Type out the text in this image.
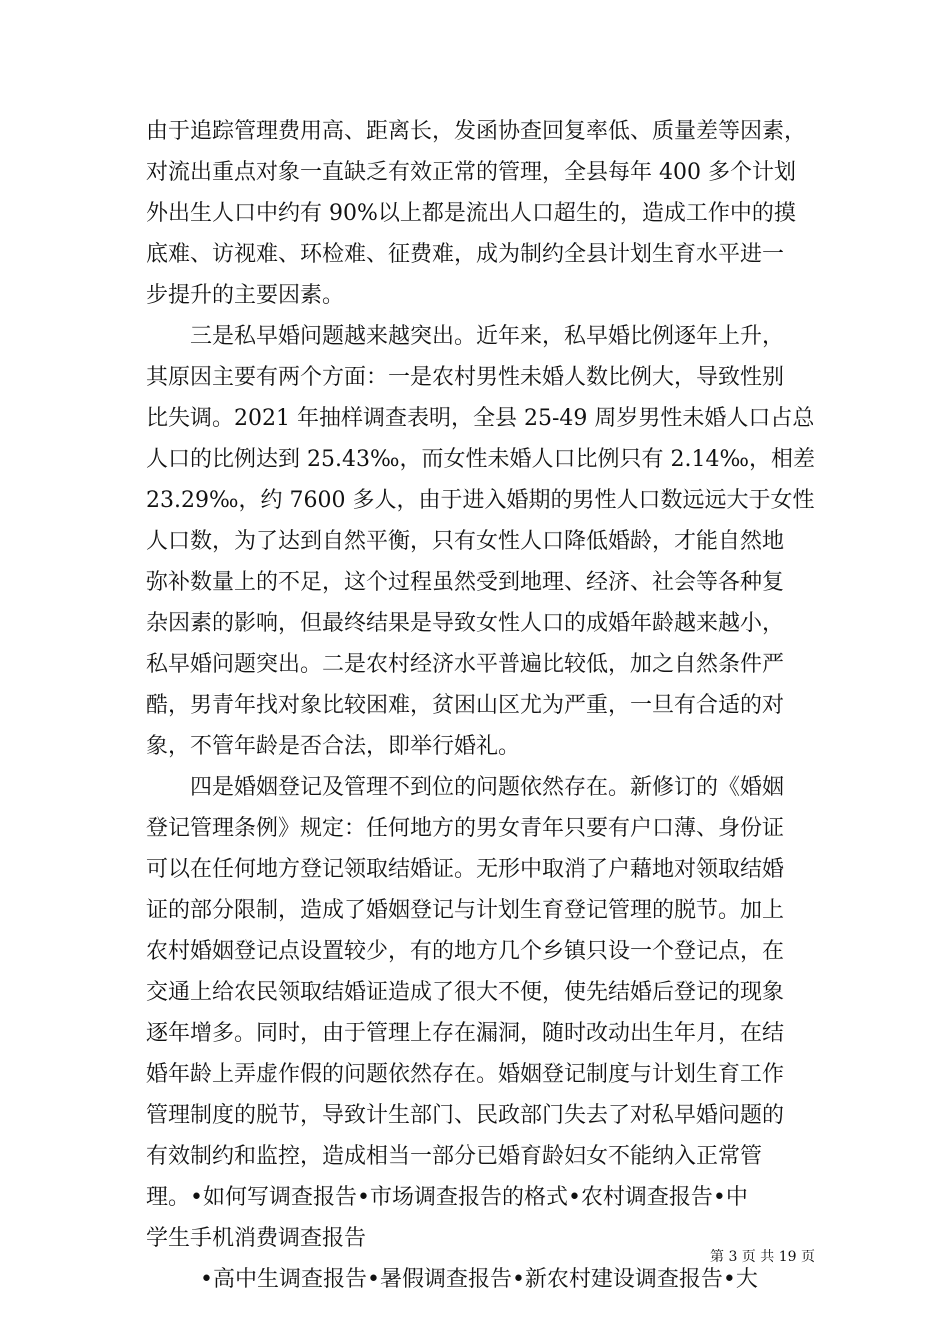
由于追踪管理费用高、距离长，发函协查回复率低、质量差等因素，
对流出重点对象一直缺乏有效正常的管理，全县每年 400 多个计划
外出生人口中约有 90%以上都是流出人口超生的，造成工作中的摸
底难、访视难、环检难、征费难，成为制约全县计划生育水平进一
步提升的主要因素。
三是私早婚问题越来越突出。近年来，私早婚比例逐年上升，
其原因主要有两个方面：一是农村男性未婚人数比例大，导致性别
比失调。2021 年抽样调查表明，全县 25-49 周岁男性未婚人口占总
人口的比例达到 25.43‰，而女性未婚人口比例只有 2.14‰，相差
23.29‰，约 7600 多人，由于进入婚期的男性人口数远远大于女性
人口数，为了达到自然平衡，只有女性人口降低婚龄，才能自然地
弥补数量上的不足，这个过程虽然受到地理、经济、社会等各种复
杂因素的影响，但最终结果是导致女性人口的成婚年龄越来越小，
私早婚问题突出。二是农村经济水平普遍比较低，加之自然条件严
酷，男青年找对象比较困难，贫困山区尤为严重，一旦有合适的对
象，不管年龄是否合法，即举行婚礼。
四是婚姻登记及管理不到位的问题依然存在。新修订的《婚姻
登记管理条例》规定：任何地方的男女青年只要有户口薄、身份证
可以在任何地方登记领取结婚证。无形中取消了户藉地对领取结婚
证的部分限制，造成了婚姻登记与计划生育登记管理的脱节。加上
农村婚姻登记点设置较少，有的地方几个乡镇只设一个登记点，在
交通上给农民领取结婚证造成了很大不便，使先结婚后登记的现象
逐年增多。同时，由于管理上存在漏洞，随时改动出生年月，在结
婚年龄上弄虚作假的问题依然存在。婚姻登记制度与计划生育工作
管理制度的脱节，导致计生部门、民政部门失去了对私早婚问题的
有效制约和监控，造成相当一部分已婚育龄妇女不能纳入正常管
理。•如何写调查报告•市场调查报告的格式•农村调查报告•中
学生手机消费调查报告
•高中生调查报告•暑假调查报告•新农村建设调查报告•大
第 3 页 共 19 页
